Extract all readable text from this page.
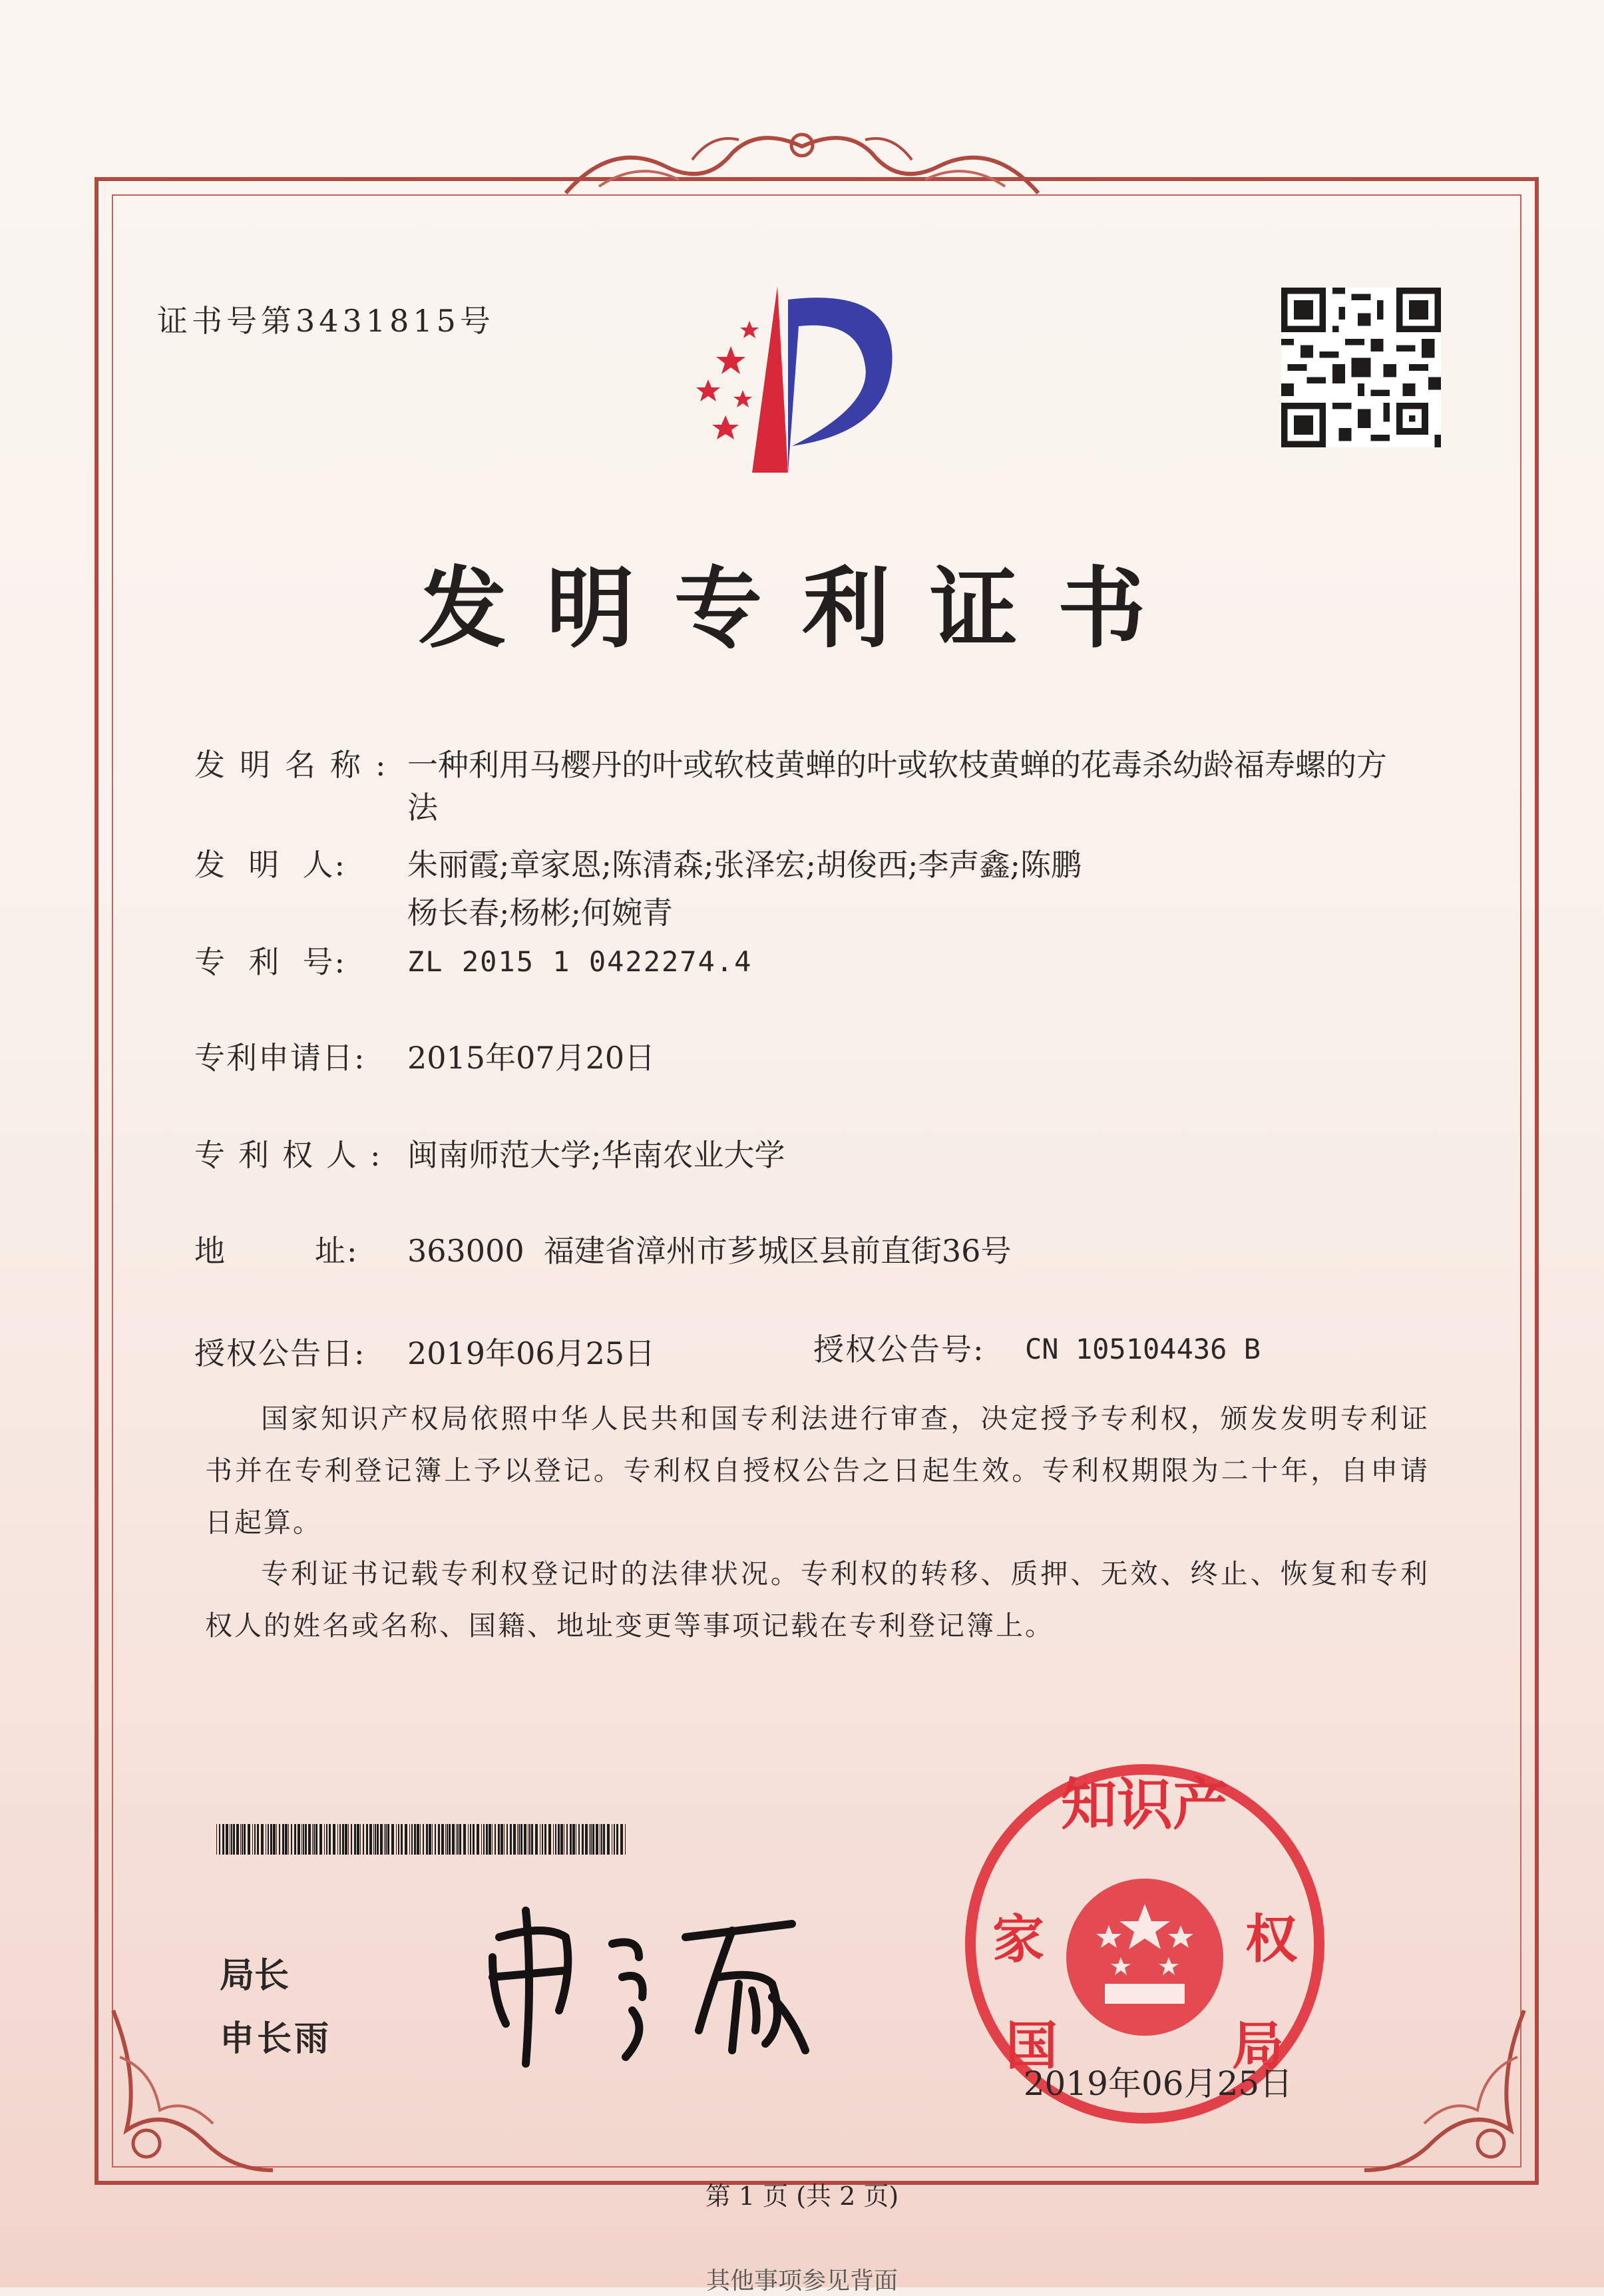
证书号第3431815号
发明专利证书
发明名称: 一种利用马樱丹的叶或软枝黄蝉的叶或软枝黄蝉的花毒杀幼龄福寿螺的方
法
发  明  人: 朱丽霞;章家恩;陈清森;张泽宏;胡俊西;李声鑫;陈鹏
杨长春;杨彬;何婉青
专  利  号: ZL 2015 1 0422274.4
专利申请日: 2015年07月20日
专利权人: 闽南师范大学;华南农业大学
地        址: 363000  福建省漳州市芗城区县前直街36号
授权公告日: 2019年06月25日	授权公告号: CN 105104436 B
国家知识产权局依照中华人民共和国专利法进行审查，决定授予专利权，颁发发明专利证书并在专利登记簿上予以登记。专利权自授权公告之日起生效。专利权期限为二十年，自申请日起算。
专利证书记载专利权登记时的法律状况。专利权的转移、质押、无效、终止、恢复和专利权人的姓名或名称、国籍、地址变更等事项记载在专利登记簿上。
局长
申长雨
知识产
家	权
国	局
2019年06月25日
第 1 页 (共 2 页)
其他事项参见背面
